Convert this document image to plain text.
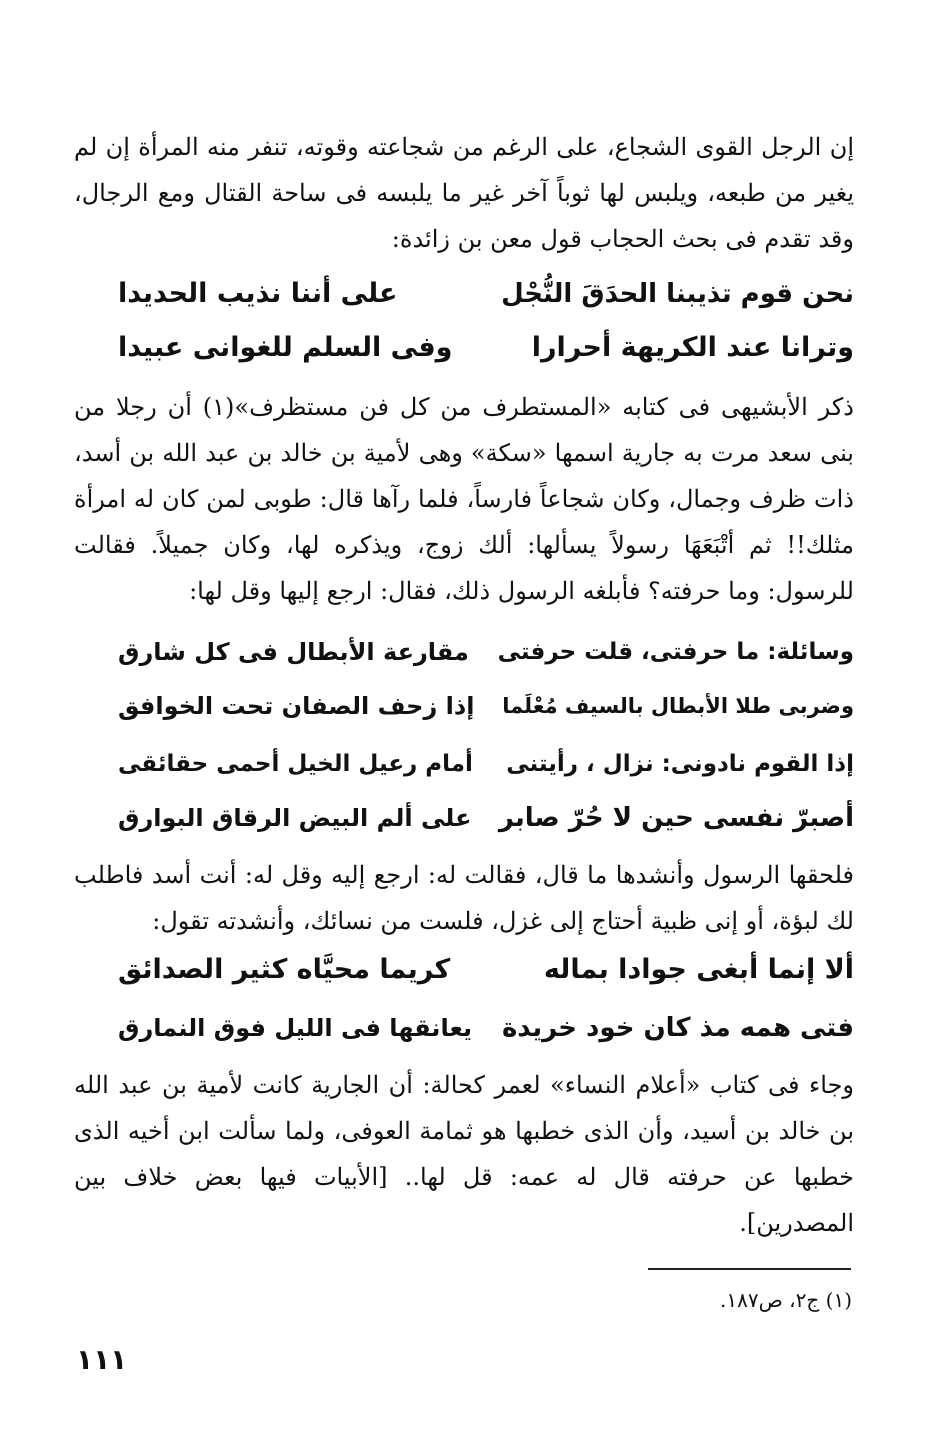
إن الرجل القوى الشجاع، على الرغم من شجاعته وقوته، تنفر منه المرأة إن لم يغير من طبعه، ويلبس لها ثوباً آخر غير ما يلبسه فى ساحة القتال ومع الرجال، وقد تقدم فى بحث الحجاب قول معن بن زائدة:

نحن قوم تذيبنا الحدَقَ النُّجْل
على أننا نذيب الحديدا
وترانا عند الكريهة أحرارا
وفى السلم للغوانى عبيدا

ذكر الأبشيهى فى كتابه «المستطرف من كل فن مستظرف»(١) أن رجلا من بنى سعد مرت به جارية اسمها «سكة» وهى لأمية بن خالد بن عبد الله بن أسد، ذات ظرف وجمال، وكان شجاعاً فارساً، فلما رآها قال: طوبى لمن كان له امرأة مثلك!! ثم أتْبَعَهَا رسولاً يسألها: ألك زوج، ويذكره لها، وكان جميلاً. فقالت للرسول: وما حرفته؟ فأبلغه الرسول ذلك، فقال: ارجع إليها وقل لها:

وسائلة: ما حرفتى، قلت حرفتى
مقارعة الأبطال فى كل شارق
وضربى طلا الأبطال بالسيف مُعْلَما
إذا زحف الصفان تحت الخوافق
إذا القوم نادونى: نزال ، رأيتنى
أمام رعيل الخيل أحمى حقائقى
أصبرّ نفسى حين لا حُرّ صابر
على ألم البيض الرقاق البوارق

فلحقها الرسول وأنشدها ما قال، فقالت له: ارجع إليه وقل له: أنت أسد فاطلب لك لبؤة، أو إنى ظبية أحتاج إلى غزل، فلست من نسائك، وأنشدته تقول:

ألا إنما أبغى جوادا بماله
كريما محيَّاه كثير الصدائق
فتى همه مذ كان خود خريدة
يعانقها فى الليل فوق النمارق

وجاء فى كتاب «أعلام النساء» لعمر كحالة: أن الجارية كانت لأمية بن عبد الله بن خالد بن أسيد، وأن الذى خطبها هو ثمامة العوفى، ولما سألت ابن أخيه الذى خطبها عن حرفته قال له عمه: قل لها.. [الأبيات فيها بعض خلاف بين المصدرين].

(١) ج٢، ص١٨٧.
١١١
